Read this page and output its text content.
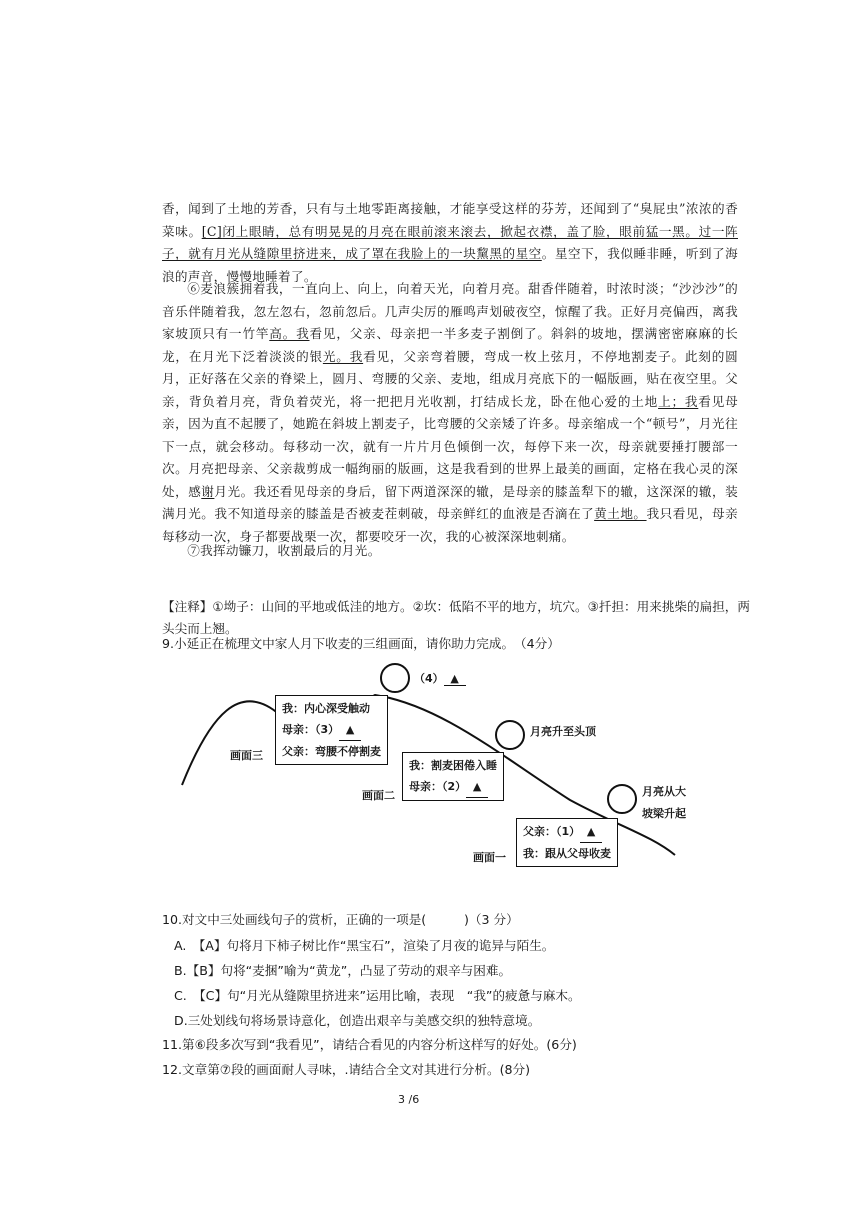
香，闻到了土地的芳香，只有与土地零距离接触，才能享受这样的芬芳，还闻到了“臭屁虫”浓浓的香菜味。[C]闭上眼睛，总有明晃晃的月亮在眼前滚来滚去，掀起衣襟，盖了脸，眼前猛一黑。过一阵子，就有月光从缝隙里挤进来，成了罩在我脸上的一块黧黑的星空。星空下，我似睡非睡，听到了海浪的声音，慢慢地睡着了。
⑥麦浪簇拥着我，一直向上、向上，向着天光，向着月亮。甜香伴随着，时浓时淡；“沙沙沙”的音乐伴随着我，忽左忽右，忽前忽后。几声尖厉的雁鸣声划破夜空，惊醒了我。正好月亮偏西，离我家坡顶只有一竹竿高。我看见，父亲、母亲把一半多麦子割倒了。斜斜的坡地，摆满密密麻麻的长龙，在月光下泛着淡淡的银光。我看见，父亲弯着腰，弯成一枚上弦月，不停地割麦子。此刻的圆月，正好落在父亲的脊梁上，圆月、弯腰的父亲、麦地，组成月亮底下的一幅版画，贴在夜空里。父亲，背负着月亮，背负着荧光，将一把把月光收割，打结成长龙，卧在他心爱的土地上；我看见母亲，因为直不起腰了，她跪在斜坡上割麦子，比弯腰的父亲矮了许多。母亲缩成一个“顿号”，月光往下一点，就会移动。每移动一次，就有一片片月色倾倒一次，每停下来一次，母亲就要捶打腰部一次。月亮把母亲、父亲裁剪成一幅绚丽的版画，这是我看到的世界上最美的画面，定格在我心灵的深处，感谢月光。我还看见母亲的身后，留下两道深深的辙，是母亲的膝盖犁下的辙，这深深的辙，装满月光。我不知道母亲的膝盖是否被麦茬刺破，母亲鲜红的血液是否滴在了黄土地。我只看见，母亲每移动一次，身子都要战栗一次，都要咬牙一次，我的心被深深地刺痛。
⑦我挥动镰刀，收割最后的月光。
【注释】①坳子：山间的平地或低洼的地方。②坎：低陷不平的地方，坑穴。③扦担：用来挑柴的扁担，两头尖而上翘。
9.小延正在梳理文中家人月下收麦的三组画面，请你助力完成。　（4分）
（4） ▲
月亮升至头顶
月亮从大
坡梁升起
我：内心深受触动
母亲：（3） ▲
父亲：弯腰不停割麦
画面三
我：割麦困倦入睡
母亲：（2） ▲
画面二
父亲：（1） ▲
我：跟从父母收麦
画面一
10.对文中三处画线句子的赏析，正确的一项是(　　　)（3 分）
A.　【A】句将月下柿子树比作“黑宝石”，渲染了月夜的诡异与陌生。
B.【B】句将“麦捆”喻为“黄龙”，凸显了劳动的艰辛与困难。
C.　【C】句“月光从缝隙里挤进来”运用比喻，表现　“我”的疲惫与麻木。
D.三处划线句将场景诗意化，创造出艰辛与美感交织的独特意境。
11.第⑥段多次写到“我看见”，请结合看见的内容分析这样写的好处。(6分)
12.文章第⑦段的画面耐人寻味，.请结合全文对其进行分析。(8分)
3 /6
